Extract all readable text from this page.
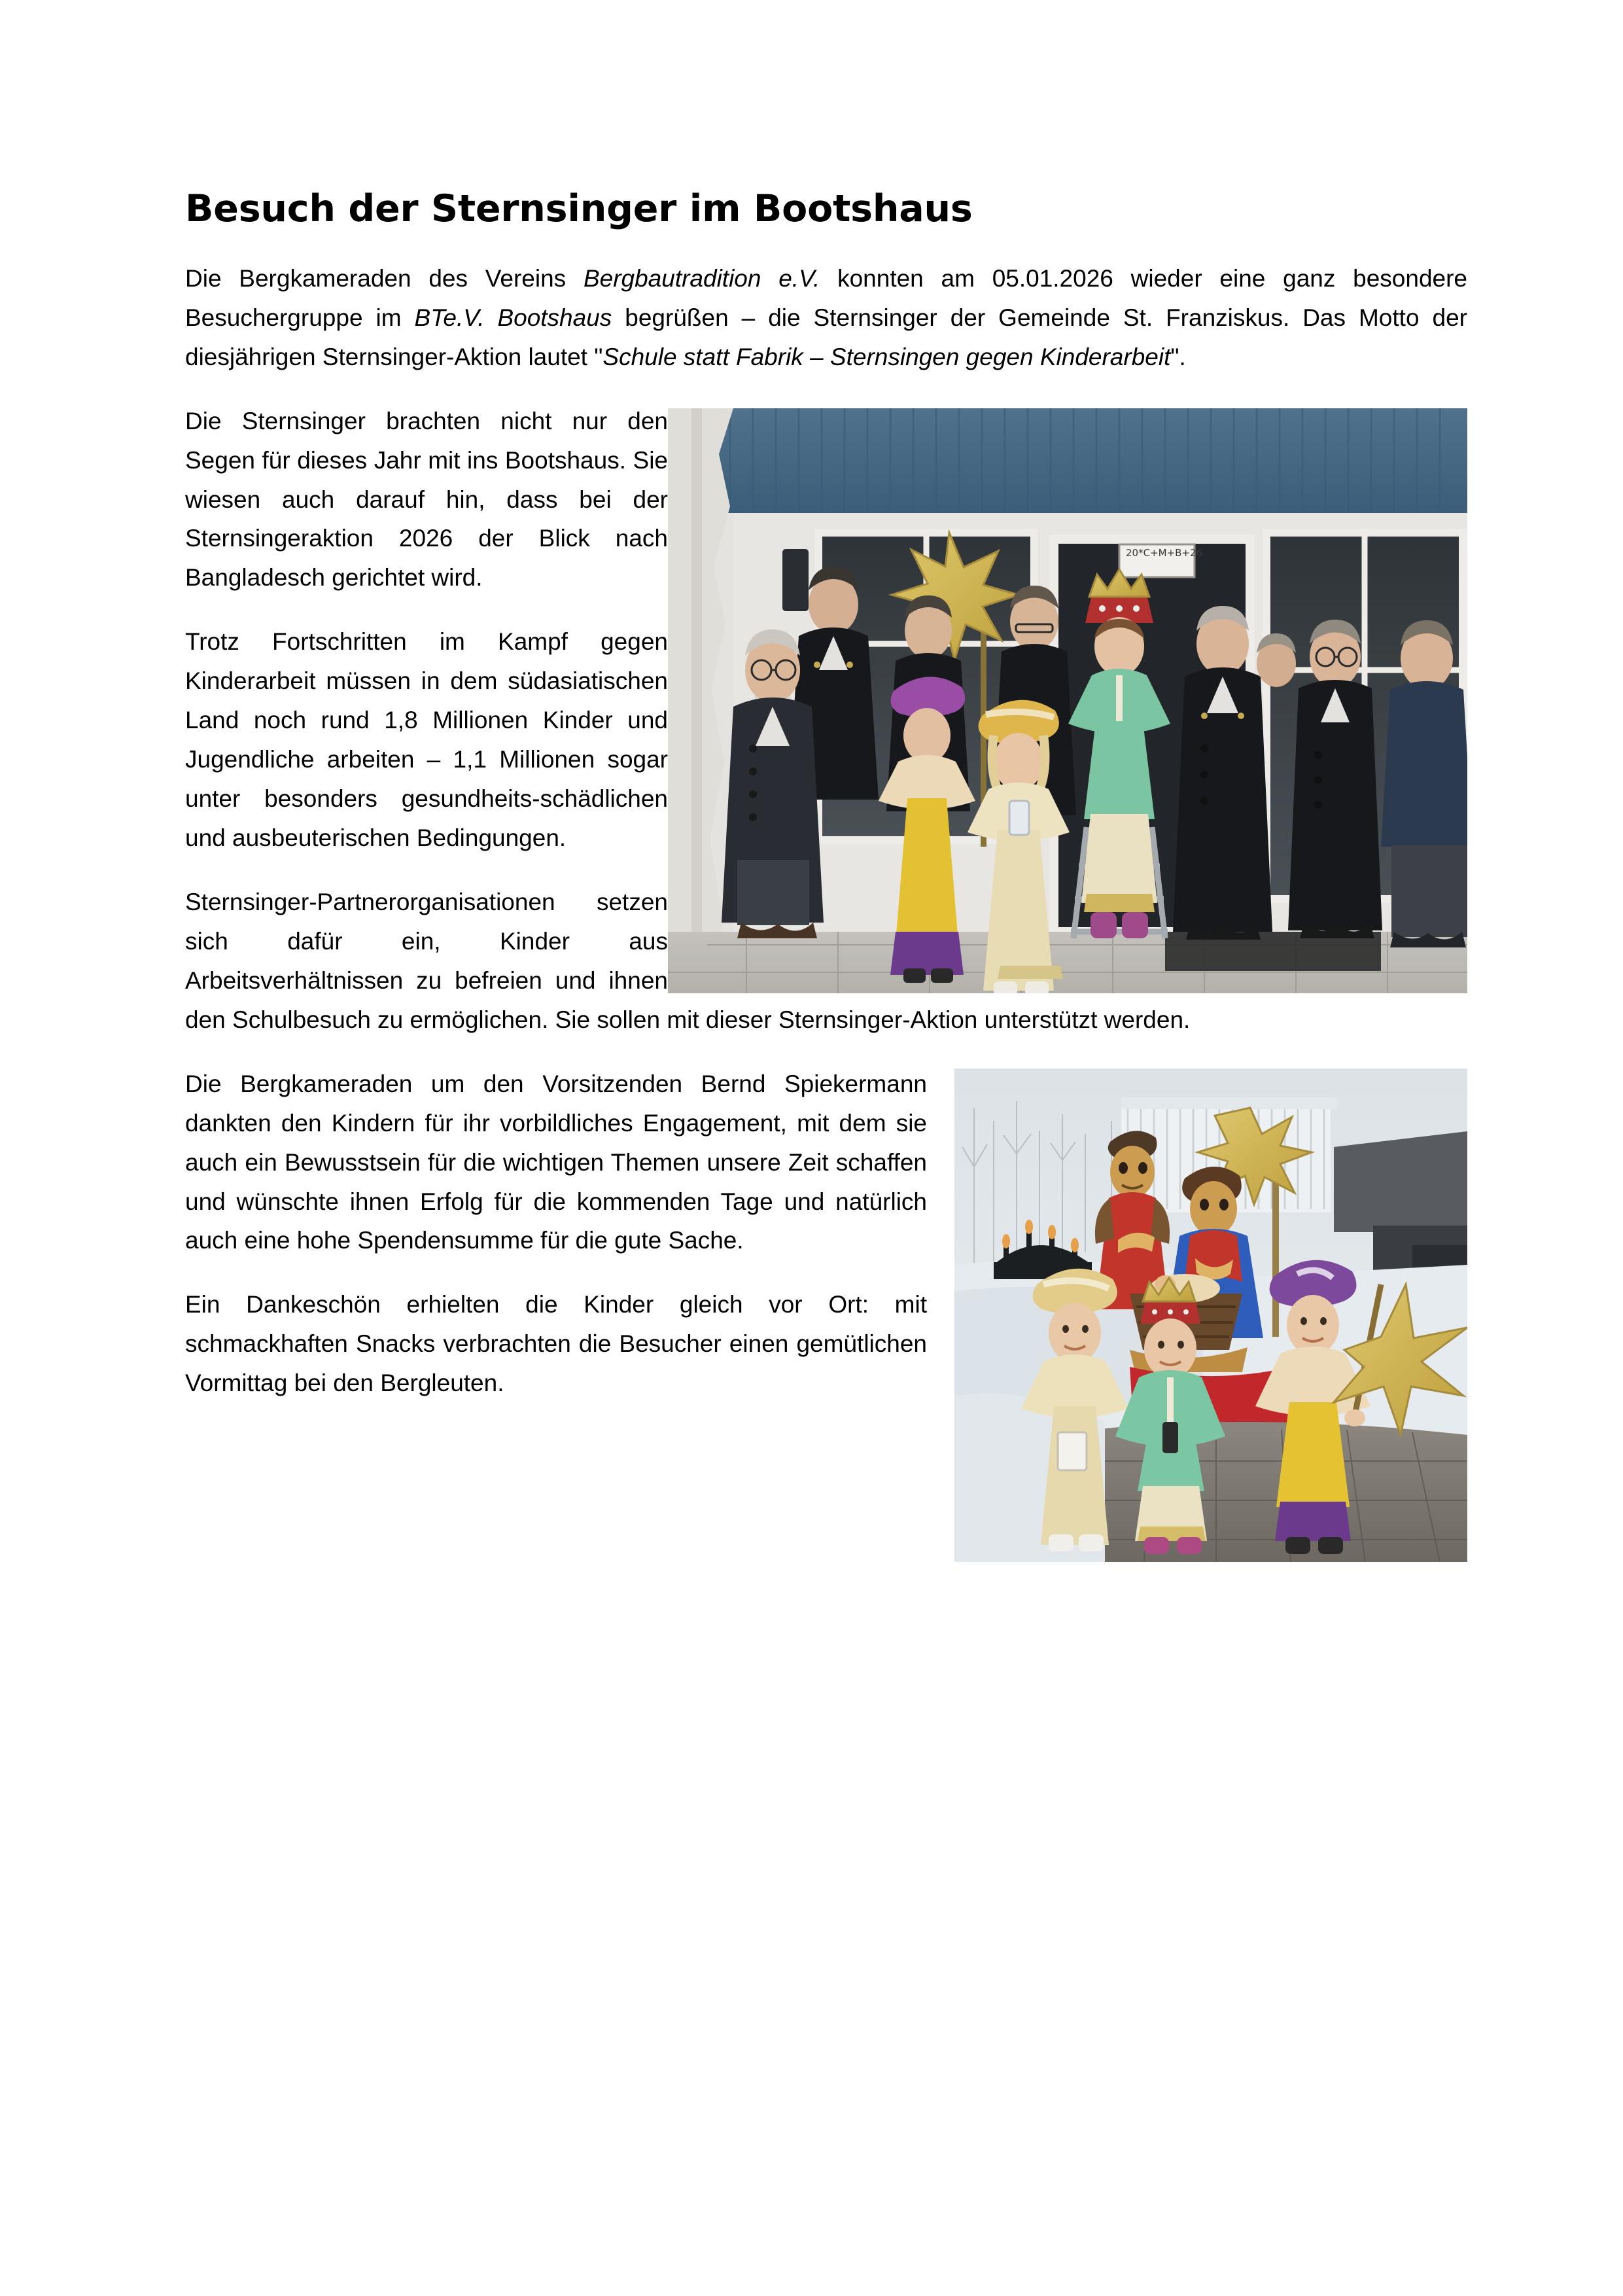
Besuch der Sternsinger im Bootshaus

Die Bergkameraden des Vereins Bergbautradition e.V. konnten am 05.01.2026 wieder eine ganz besondere Besuchergruppe im BTe.V. Bootshaus begrüßen – die Sternsinger der Gemeinde St. Franziskus. Das Motto der diesjährigen Sternsinger-Aktion lautet "Schule statt Fabrik – Sternsingen gegen Kinderarbeit".

20*C+M+B+26

Die Sternsinger brachten nicht nur den Segen für dieses Jahr mit ins Bootshaus. Sie wiesen auch darauf hin, dass bei der Sternsingeraktion 2026 der Blick nach Bangladesch gerichtet wird.

Trotz Fortschritten im Kampf gegen Kinderarbeit müssen in dem südasiatischen Land noch rund 1,8 Millionen Kinder und Jugendliche arbeiten – 1,1 Millionen sogar unter besonders gesundheits-schädlichen und ausbeuterischen Bedingungen.

Sternsinger-Partnerorganisationen setzen sich dafür ein, Kinder aus Arbeitsverhältnissen zu befreien und ihnen den Schulbesuch zu ermöglichen. Sie sollen mit dieser Sternsinger-Aktion unterstützt werden.

Die Bergkameraden um den Vorsitzenden Bernd Spiekermann dankten den Kindern für ihr vorbildliches Engagement, mit dem sie auch ein Bewusstsein für die wichtigen Themen unsere Zeit schaffen und wünschte ihnen Erfolg für die kommenden Tage und natürlich auch eine hohe Spendensumme für die gute Sache.

Ein Dankeschön erhielten die Kinder gleich vor Ort: mit schmackhaften Snacks verbrachten die Besucher einen gemütlichen Vormittag bei den Bergleuten.
